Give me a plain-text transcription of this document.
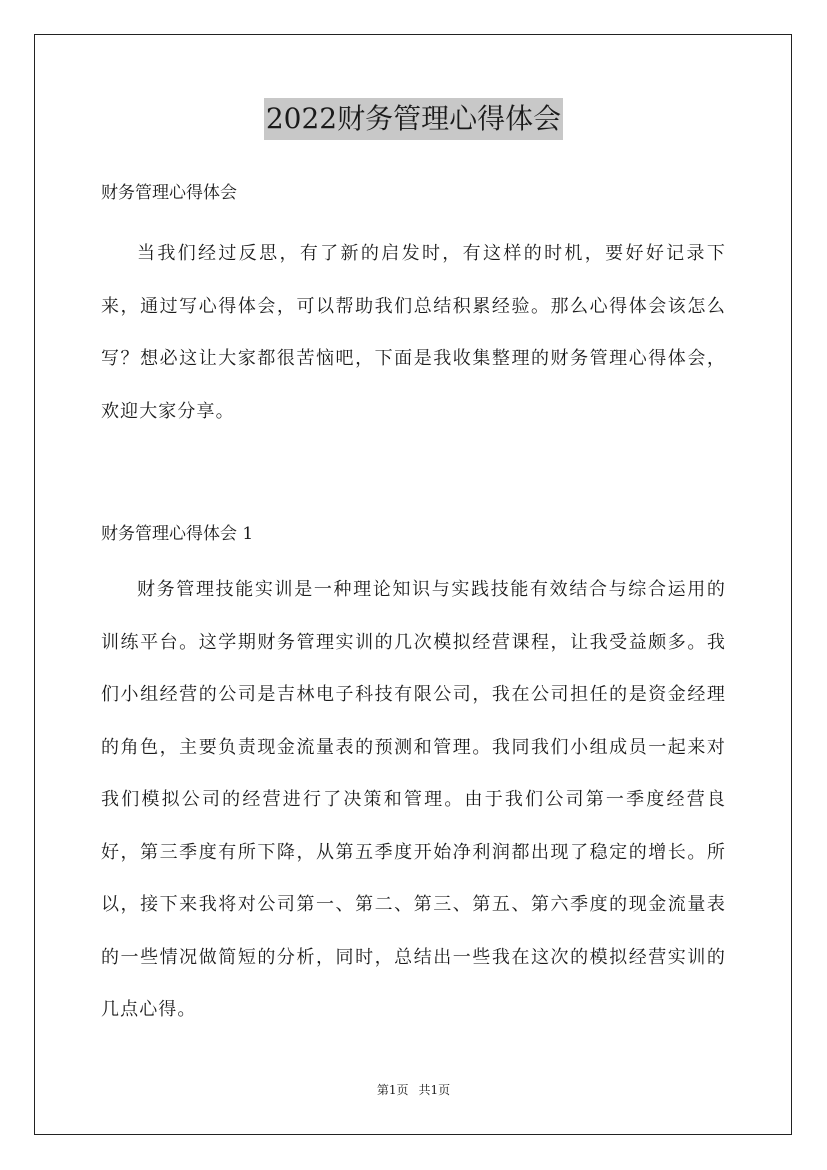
2022财务管理心得体会

财务管理心得体会

当我们经过反思，有了新的启发时，有这样的时机，要好好记录下来，通过写心得体会，可以帮助我们总结积累经验。那么心得体会该怎么写？想必这让大家都很苦恼吧，下面是我收集整理的财务管理心得体会，欢迎大家分享。

财务管理心得体会 1

财务管理技能实训是一种理论知识与实践技能有效结合与综合运用的训练平台。这学期财务管理实训的几次模拟经营课程，让我受益颇多。我们小组经营的公司是吉林电子科技有限公司，我在公司担任的是资金经理的角色，主要负责现金流量表的预测和管理。我同我们小组成员一起来对我们模拟公司的经营进行了决策和管理。由于我们公司第一季度经营良好，第三季度有所下降，从第五季度开始净利润都出现了稳定的增长。所以，接下来我将对公司第一、第二、第三、第五、第六季度的现金流量表的一些情况做简短的分析，同时，总结出一些我在这次的模拟经营实训的几点心得。

第1页 共1页
